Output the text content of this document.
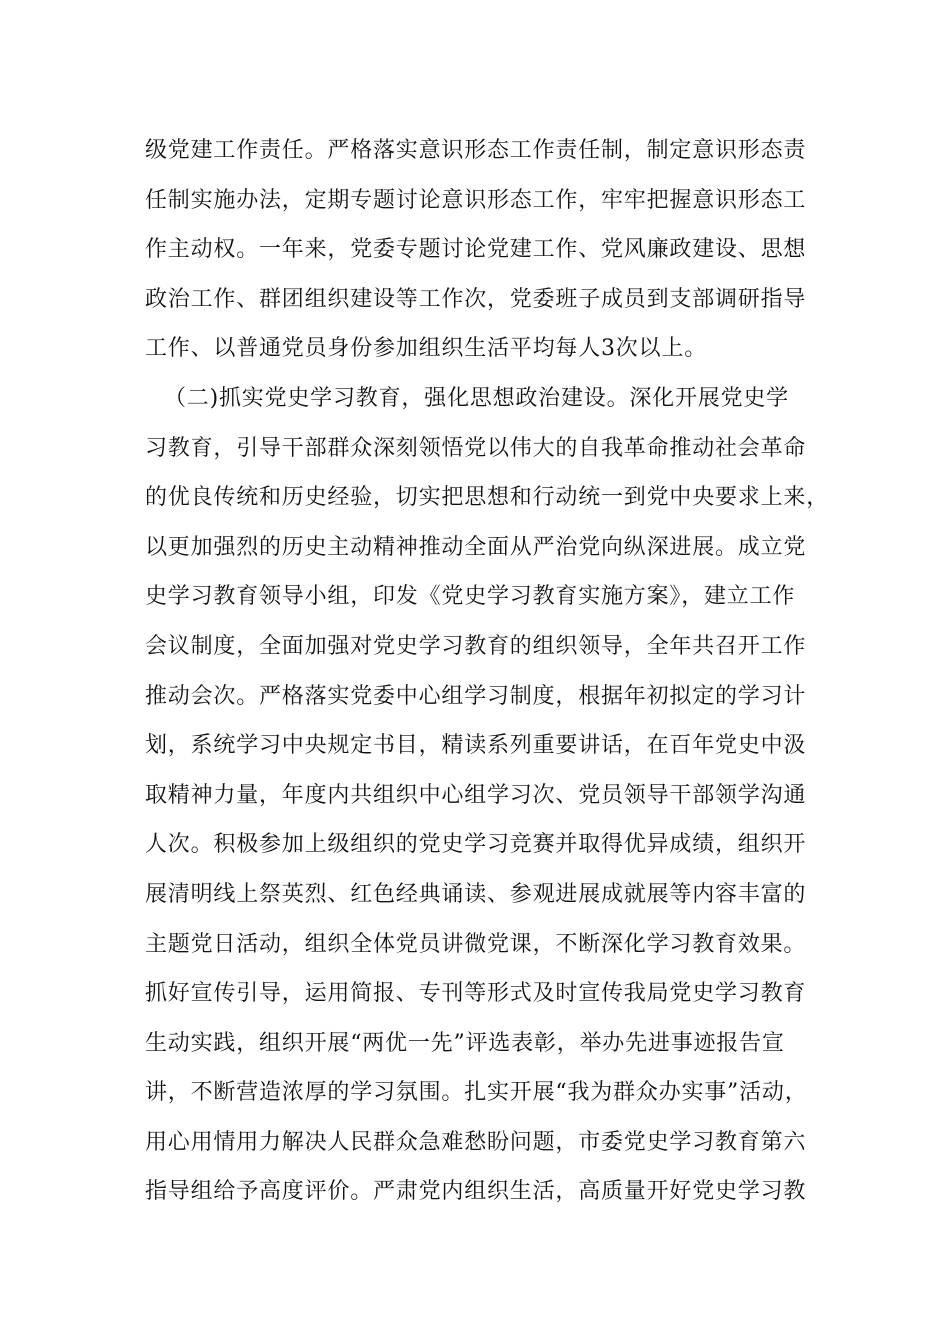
级党建工作责任。严格落实意识形态工作责任制，制定意识形态责
任制实施办法，定期专题讨论意识形态工作，牢牢把握意识形态工
作主动权。一年来，党委专题讨论党建工作、党风廉政建设、思想
政治工作、群团组织建设等工作次，党委班子成员到支部调研指导
工作、以普通党员身份参加组织生活平均每人3次以上。
（二)抓实党史学习教育，强化思想政治建设。深化开展党史学
习教育，引导干部群众深刻领悟党以伟大的自我革命推动社会革命
的优良传统和历史经验，切实把思想和行动统一到党中央要求上来，
以更加强烈的历史主动精神推动全面从严治党向纵深进展。成立党
史学习教育领导小组，印发《党史学习教育实施方案》，建立工作
会议制度，全面加强对党史学习教育的组织领导，全年共召开工作
推动会次。严格落实党委中心组学习制度，根据年初拟定的学习计
划，系统学习中央规定书目，精读系列重要讲话，在百年党史中汲
取精神力量，年度内共组织中心组学习次、党员领导干部领学沟通
人次。积极参加上级组织的党史学习竞赛并取得优异成绩，组织开
展清明线上祭英烈、红色经典诵读、参观进展成就展等内容丰富的
主题党日活动，组织全体党员讲微党课，不断深化学习教育效果。
抓好宣传引导，运用简报、专刊等形式及时宣传我局党史学习教育
生动实践，组织开展“两优一先”评选表彰，举办先进事迹报告宣
讲，不断营造浓厚的学习氛围。扎实开展“我为群众办实事”活动，
用心用情用力解决人民群众急难愁盼问题，市委党史学习教育第六
指导组给予高度评价。严肃党内组织生活，高质量开好党史学习教
